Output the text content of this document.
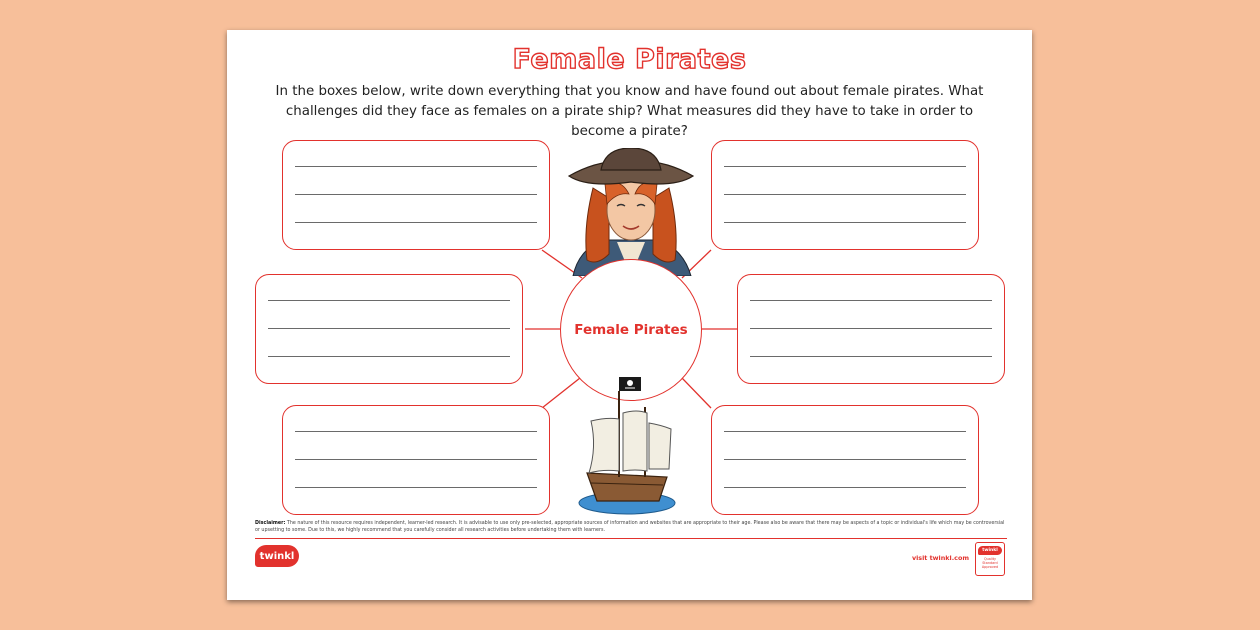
Female Pirates
In the boxes below, write down everything that you know and have found out about female pirates. What challenges did they face as females on a pirate ship? What measures did they have to take in order to become a pirate?
Female Pirates
Disclaimer: The nature of this resource requires independent, learner-led research. It is advisable to use only pre-selected, appropriate sources of information and websites that are appropriate to their age. Please also be aware that there may be aspects of a topic or individual's life which may be controversial or upsetting to some. Due to this, we highly recommend that you carefully consider all research activities before undertaking them with learners.
twinkl	visit twinkl.com
twinkl
Quality Standard Approved
